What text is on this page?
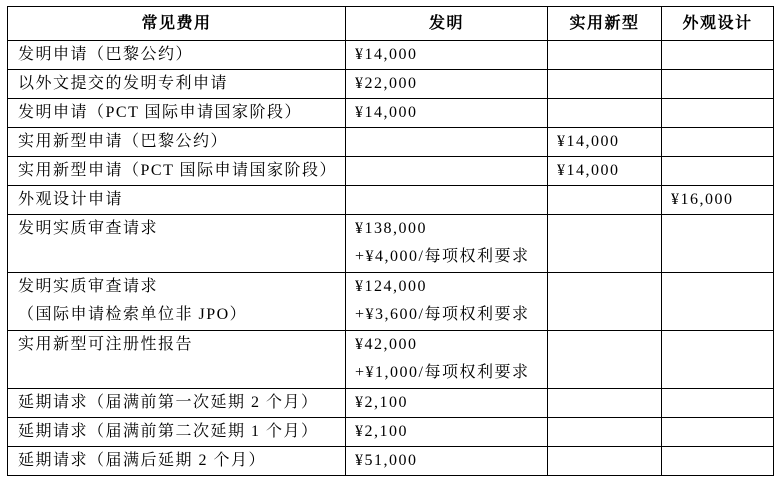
常见费用	发明	实用新型	外观设计

发明申请（巴黎公约）	¥14,000		

以外文提交的发明专利申请	¥22,000		

发明申请（PCT 国际申请国家阶段）	¥14,000		

实用新型申请（巴黎公约）		¥14,000	

实用新型申请（PCT 国际申请国家阶段）		¥14,000	

外观设计申请			¥16,000

发明实质审查请求	¥138,000
+¥4,000/每项权利要求		

发明实质审查请求
（国际申请检索单位非 JPO）	¥124,000
+¥3,600/每项权利要求		

实用新型可注册性报告	¥42,000
+¥1,000/每项权利要求		

延期请求（届满前第一次延期 2 个月）	¥2,100		

延期请求（届满前第二次延期 1 个月）	¥2,100		

延期请求（届满后延期 2 个月）	¥51,000		
